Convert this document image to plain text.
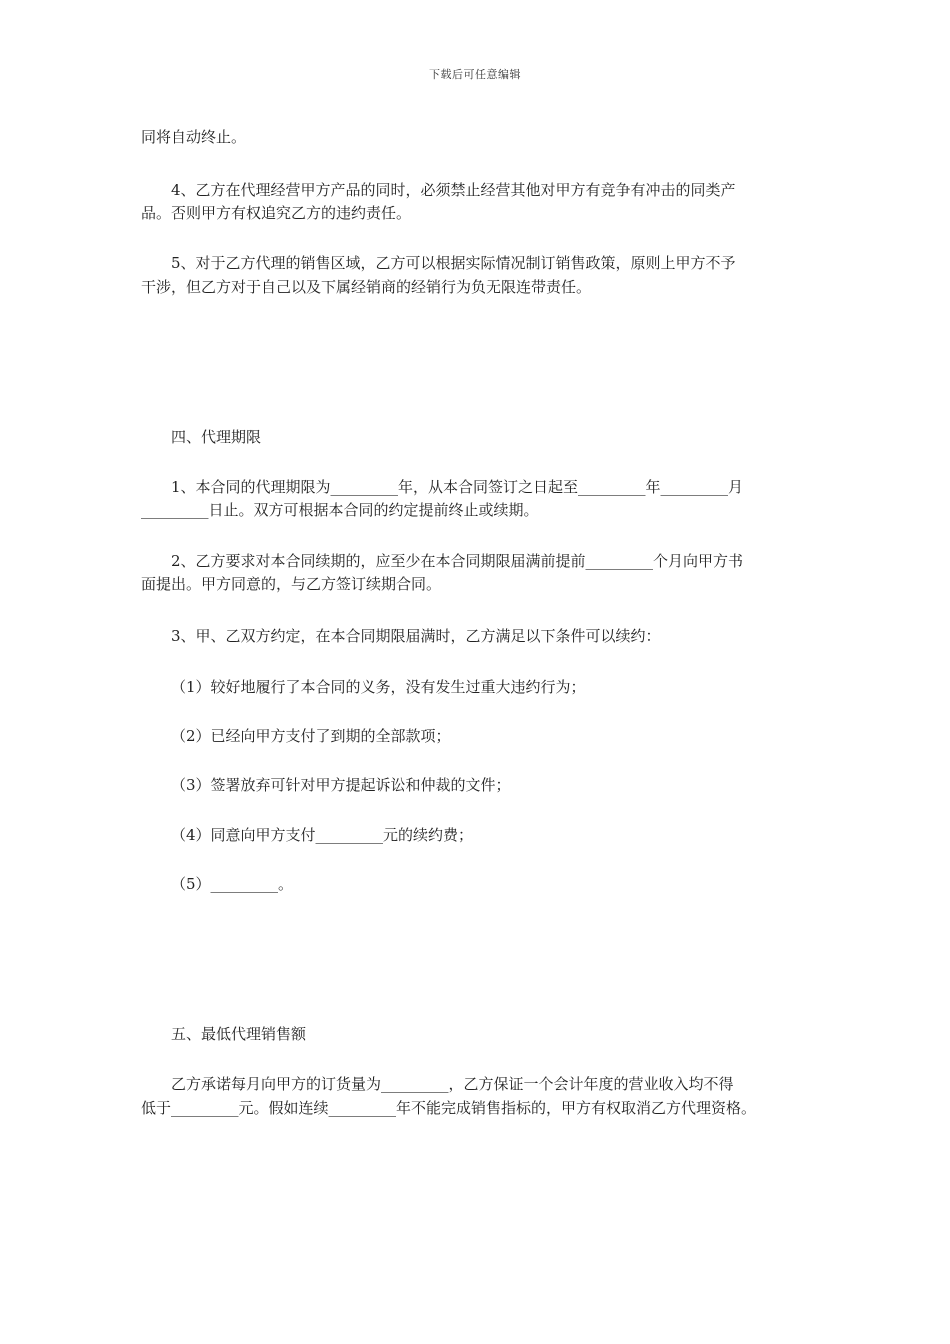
下载后可任意编辑
同将自动终止。
4、乙方在代理经营甲方产品的同时，必须禁止经营其他对甲方有竞争有冲击的同类产
品。否则甲方有权追究乙方的违约责任。
5、对于乙方代理的销售区域，乙方可以根据实际情况制订销售政策，原则上甲方不予
干涉，但乙方对于自己以及下属经销商的经销行为负无限连带责任。
四、代理期限
1、本合同的代理期限为_________年，从本合同签订之日起至_________年_________月
_________日止。双方可根据本合同的约定提前终止或续期。
2、乙方要求对本合同续期的，应至少在本合同期限届满前提前_________个月向甲方书
面提出。甲方同意的，与乙方签订续期合同。
3、甲、乙双方约定，在本合同期限届满时，乙方满足以下条件可以续约：
（1）较好地履行了本合同的义务，没有发生过重大违约行为；
（2）已经向甲方支付了到期的全部款项；
（3）签署放弃可针对甲方提起诉讼和仲裁的文件；
（4）同意向甲方支付_________元的续约费；
（5）_________。
五、最低代理销售额
乙方承诺每月向甲方的订货量为_________，乙方保证一个会计年度的营业收入均不得
低于_________元。假如连续_________年不能完成销售指标的，甲方有权取消乙方代理资格。
